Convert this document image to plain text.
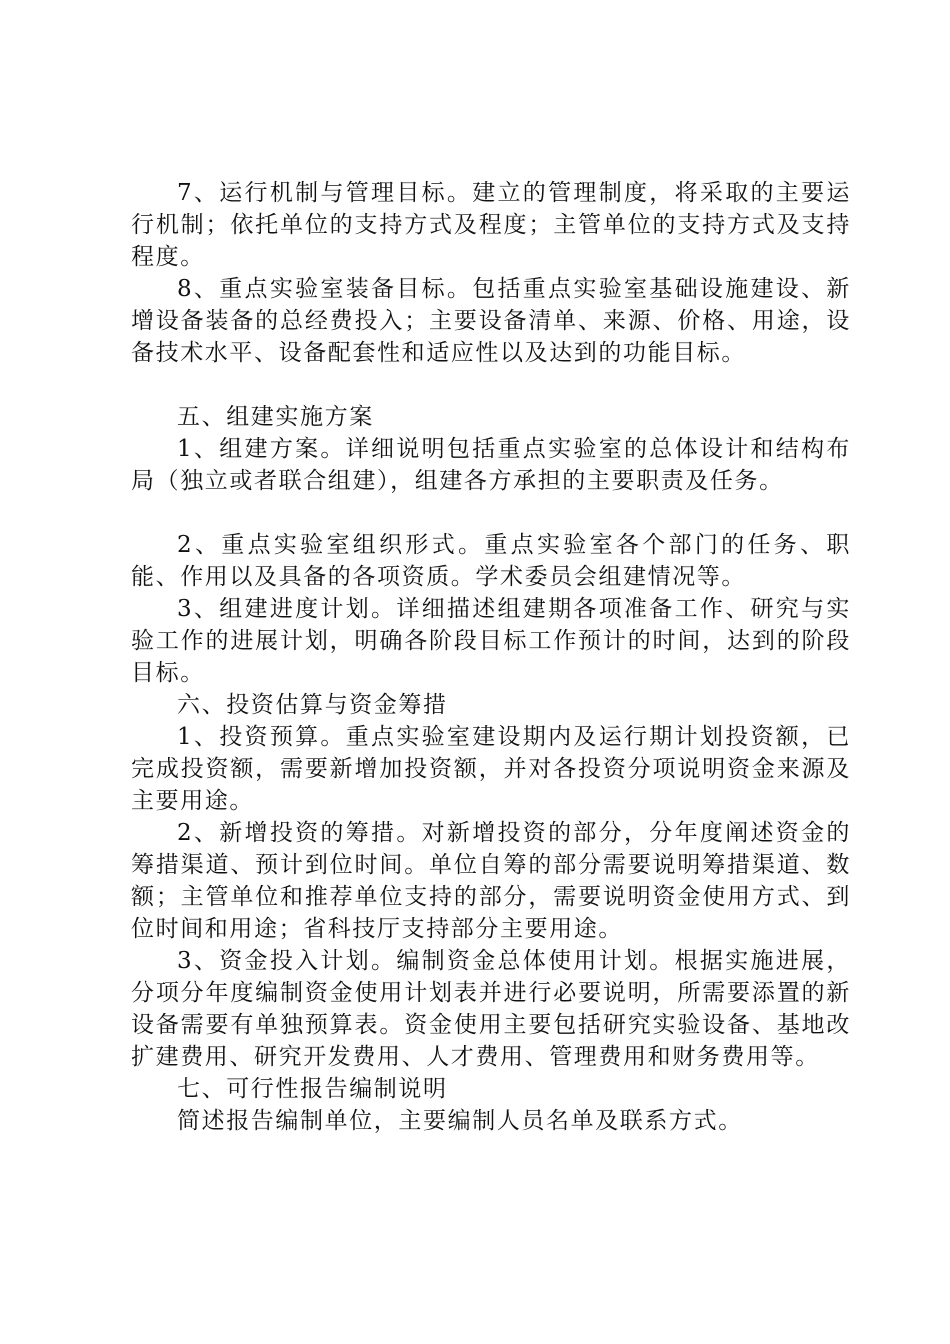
7、运行机制与管理目标。建立的管理制度，将采取的主要运行机制；依托单位的支持方式及程度；主管单位的支持方式及支持程度。

8、重点实验室装备目标。包括重点实验室基础设施建设、新增设备装备的总经费投入；主要设备清单、来源、价格、用途，设备技术水平、设备配套性和适应性以及达到的功能目标。

五、组建实施方案

1、组建方案。详细说明包括重点实验室的总体设计和结构布局（独立或者联合组建），组建各方承担的主要职责及任务。

2、重点实验室组织形式。重点实验室各个部门的任务、职能、作用以及具备的各项资质。学术委员会组建情况等。

3、组建进度计划。详细描述组建期各项准备工作、研究与实验工作的进展计划，明确各阶段目标工作预计的时间，达到的阶段目标。

六、投资估算与资金筹措

1、投资预算。重点实验室建设期内及运行期计划投资额，已完成投资额，需要新增加投资额，并对各投资分项说明资金来源及主要用途。

2、新增投资的筹措。对新增投资的部分，分年度阐述资金的筹措渠道、预计到位时间。单位自筹的部分需要说明筹措渠道、数额；主管单位和推荐单位支持的部分，需要说明资金使用方式、到位时间和用途；省科技厅支持部分主要用途。

3、资金投入计划。编制资金总体使用计划。根据实施进展，分项分年度编制资金使用计划表并进行必要说明，所需要添置的新设备需要有单独预算表。资金使用主要包括研究实验设备、基地改扩建费用、研究开发费用、人才费用、管理费用和财务费用等。

七、可行性报告编制说明

简述报告编制单位，主要编制人员名单及联系方式。
